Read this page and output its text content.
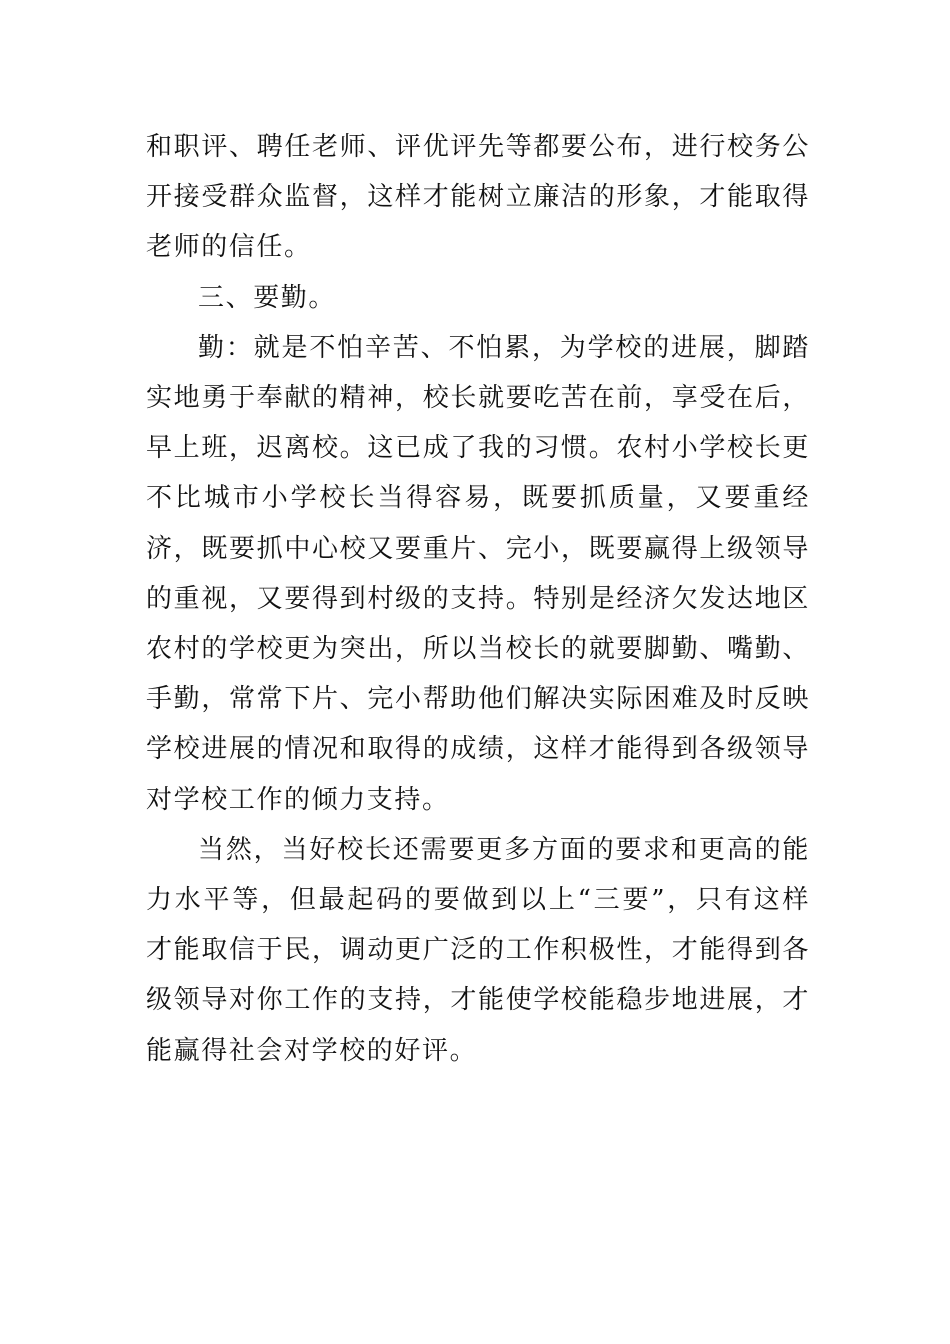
和职评、聘任老师、评优评先等都要公布，进行校务公开接受群众监督，这样才能树立廉洁的形象，才能取得老师的信任。

三、要勤。

勤：就是不怕辛苦、不怕累，为学校的进展，脚踏实地勇于奉献的精神，校长就要吃苦在前，享受在后，早上班，迟离校。这已成了我的习惯。农村小学校长更不比城市小学校长当得容易，既要抓质量，又要重经济，既要抓中心校又要重片、完小，既要赢得上级领导的重视，又要得到村级的支持。特别是经济欠发达地区农村的学校更为突出，所以当校长的就要脚勤、嘴勤、手勤，常常下片、完小帮助他们解决实际困难及时反映学校进展的情况和取得的成绩，这样才能得到各级领导对学校工作的倾力支持。

当然，当好校长还需要更多方面的要求和更高的能力水平等，但最起码的要做到以上“三要”，只有这样才能取信于民，调动更广泛的工作积极性，才能得到各级领导对你工作的支持，才能使学校能稳步地进展，才能赢得社会对学校的好评。
